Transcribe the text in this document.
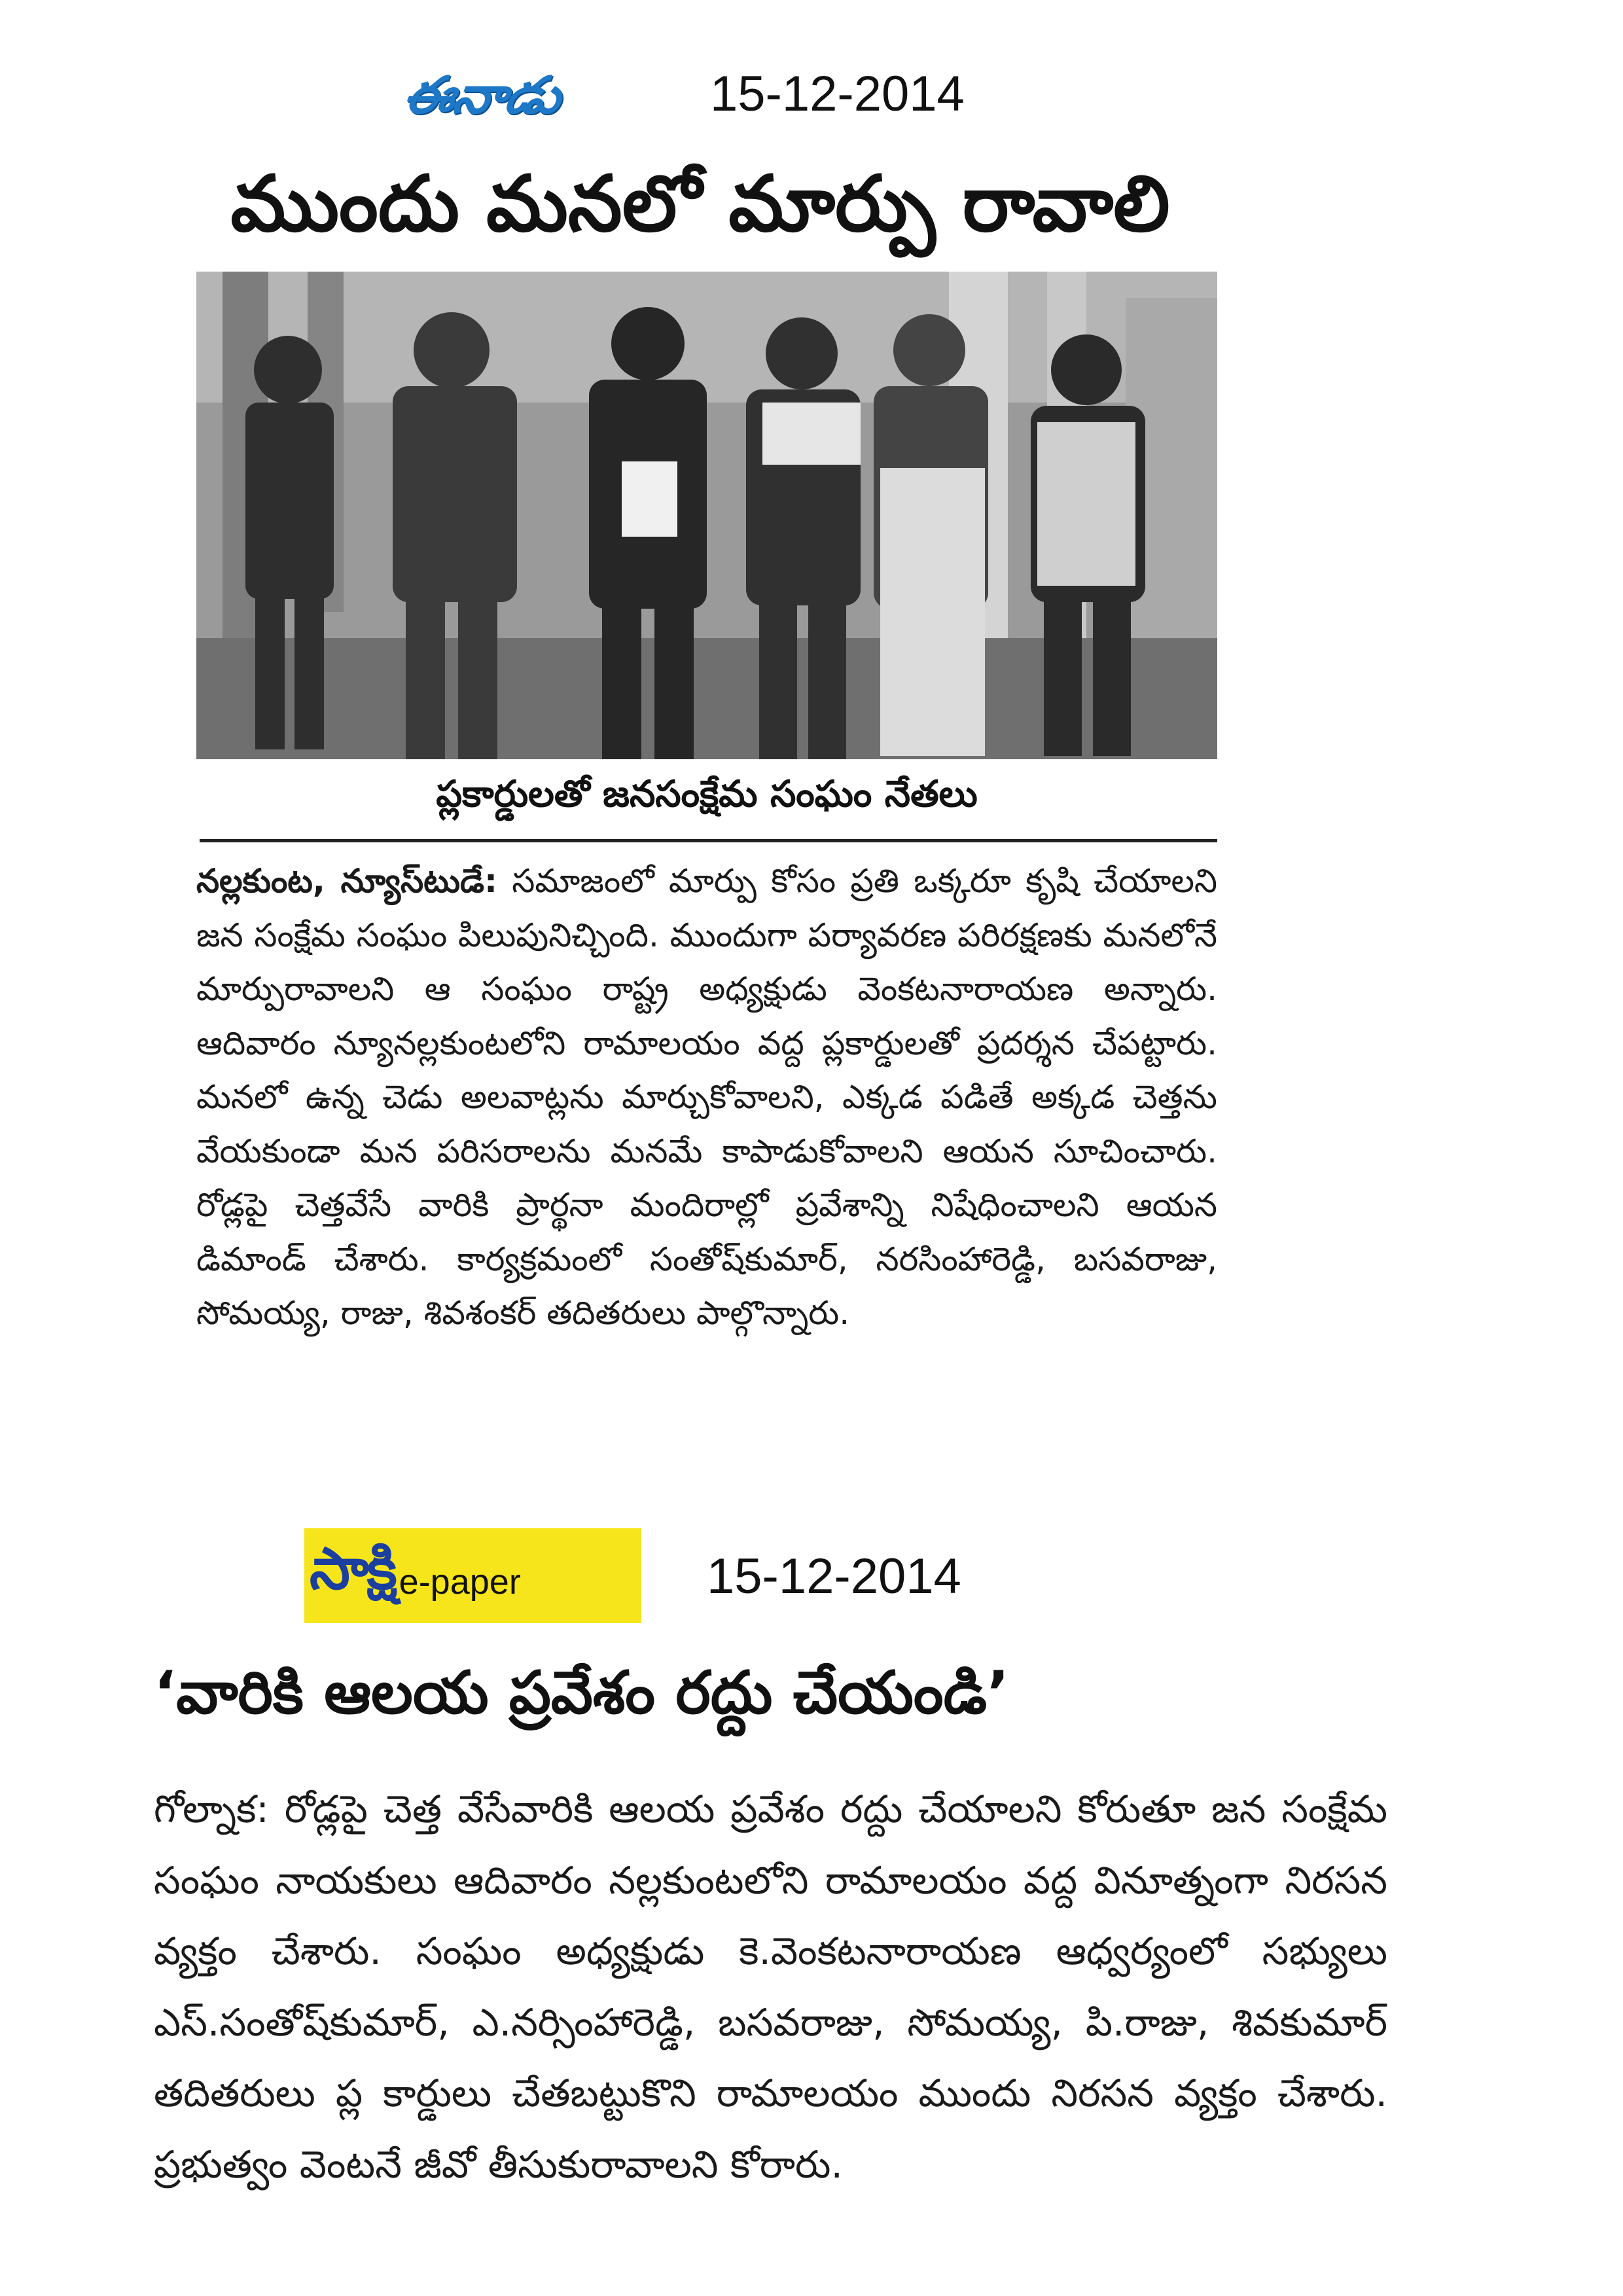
ఈనాడు	15-12-2014
ముందు మనలో మార్పు రావాలి
ప్లకార్డులతో జనసంక్షేమ సంఘం నేతలు
నల్లకుంట, న్యూస్‌టుడే: సమాజంలో మార్పు కోసం ప్రతి ఒక్కరూ కృషి చేయాలని జన సంక్షేమ సంఘం పిలుపునిచ్చింది. ముందుగా పర్యావరణ పరిరక్షణకు మనలోనే మార్పురావాలని ఆ సంఘం రాష్ట్ర అధ్యక్షుడు వెంకటనారాయణ అన్నారు. ఆదివారం న్యూనల్లకుంటలోని రామాలయం వద్ద ప్లకార్డులతో ప్రదర్శన చేపట్టారు. మనలో ఉన్న చెడు అలవాట్లను మార్చుకోవాలని, ఎక్కడ పడితే అక్కడ చెత్తను వేయకుండా మన పరిసరాలను మనమే కాపాడుకోవాలని ఆయన సూచించారు. రోడ్లపై చెత్తవేసే వారికి ప్రార్థనా మందిరాల్లో ప్రవేశాన్ని నిషేధించాలని ఆయన డిమాండ్ చేశారు. కార్యక్రమంలో సంతోష్‌కుమార్, నరసింహారెడ్డి, బసవరాజు, సోమయ్య, రాజు, శివశంకర్ తదితరులు పాల్గొన్నారు.
సాక్షి e-paper	15-12-2014
‘వారికి ఆలయ ప్రవేశం రద్దు చేయండి’
గోల్నాక: రోడ్లపై చెత్త వేసేవారికి ఆలయ ప్రవేశం రద్దు చేయాలని కోరుతూ జన సంక్షేమ సంఘం నాయకులు ఆదివారం నల్లకుంటలోని రామాలయం వద్ద వినూత్నంగా నిరసన వ్యక్తం చేశారు. సంఘం అధ్యక్షుడు కె.వెంకటనారాయణ ఆధ్వర్యంలో సభ్యులు ఎస్.సంతోష్‌కుమార్, ఎ.నర్సింహారెడ్డి, బసవరాజు, సోమయ్య, పి.రాజు, శివకుమార్ తదితరులు ప్ల కార్డులు చేతబట్టుకొని రామాలయం ముందు నిరసన వ్యక్తం చేశారు. ప్రభుత్వం వెంటనే జీవో తీసుకురావాలని కోరారు.
